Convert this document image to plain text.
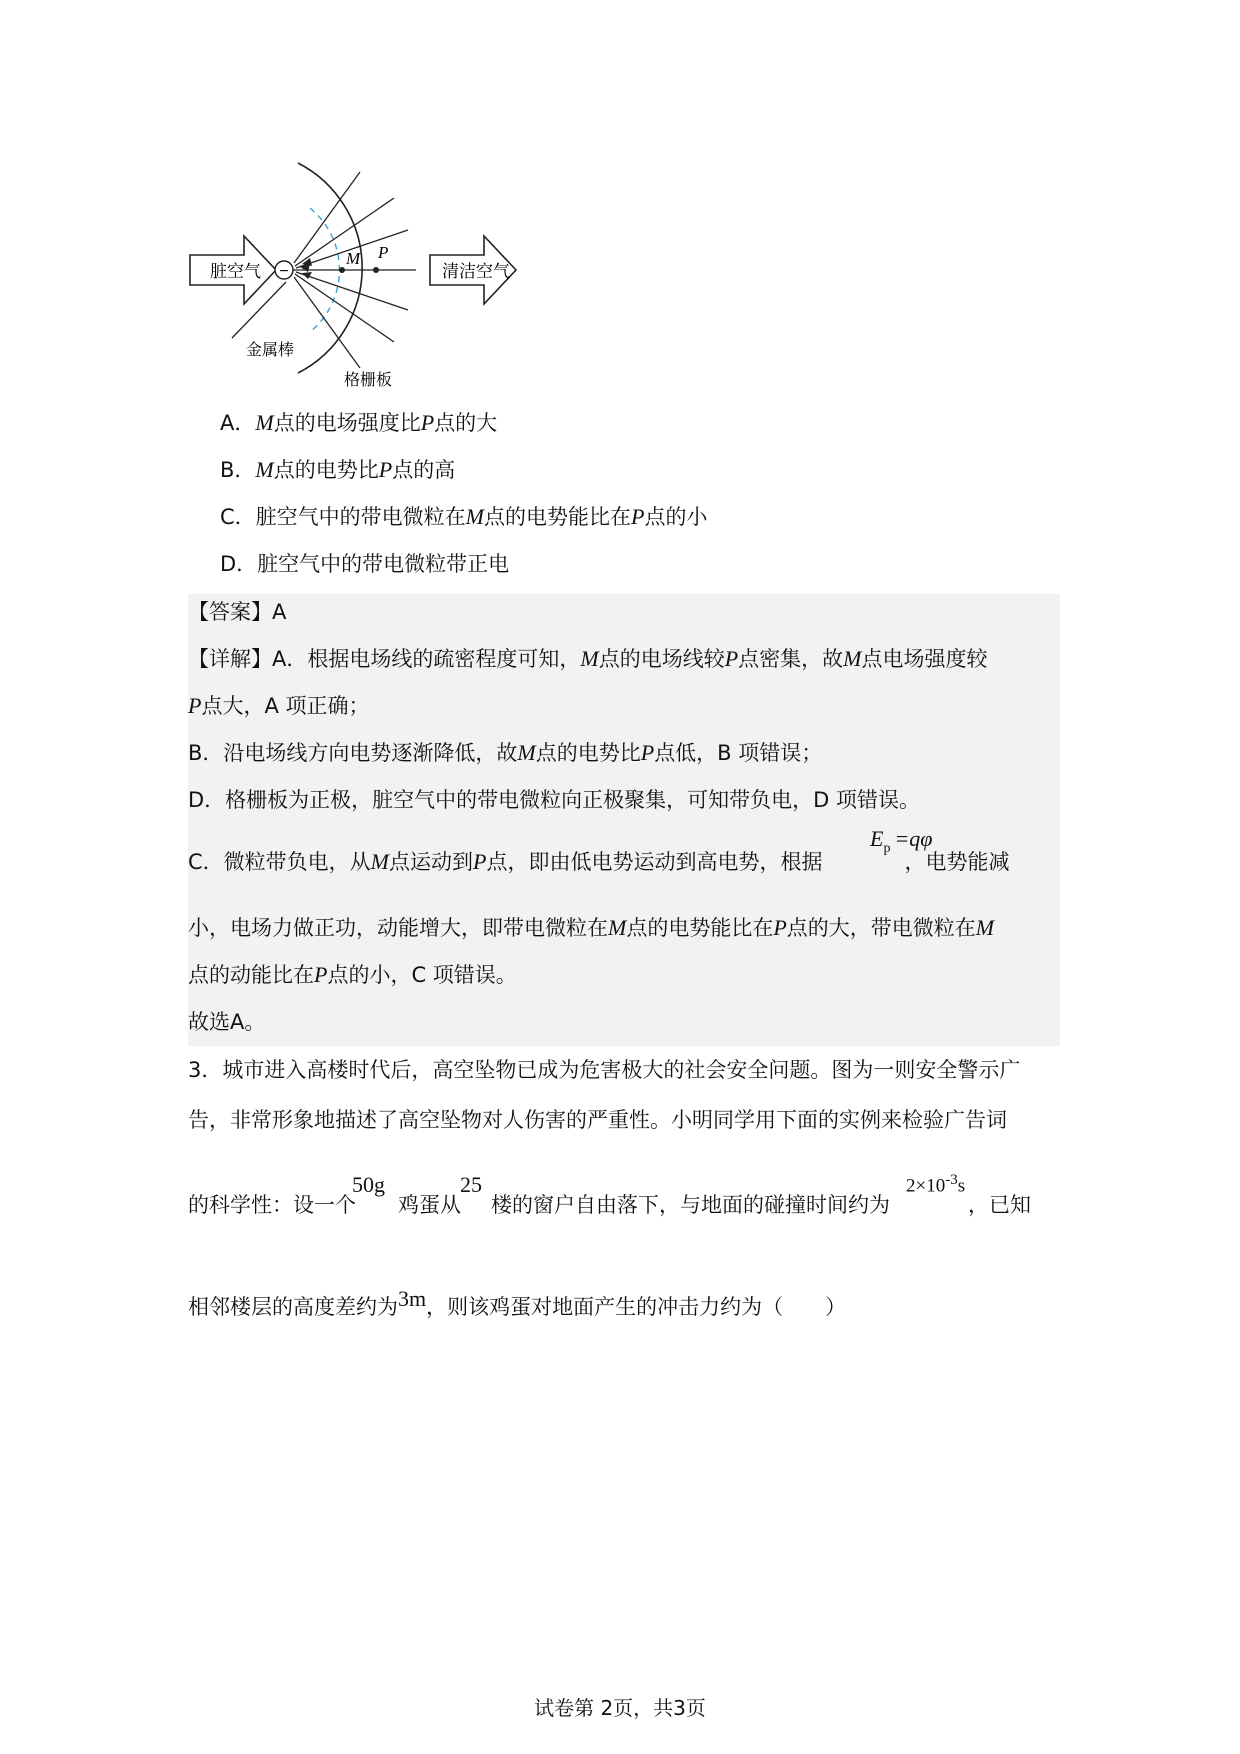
−
M P
脏空气	清洁空气
金属棒
格栅板
A．M点的电场强度比P点的大
B．M点的电势比P点的高
C．脏空气中的带电微粒在M点的电势能比在P点的小
D．脏空气中的带电微粒带正电
【答案】A
【详解】A．根据电场线的疏密程度可知，M点的电场线较P点密集，故M点电场强度较
P点大，A 项正确；
B．沿电场线方向电势逐渐降低，故M点的电势比P点低，B 项错误；
D．格栅板为正极，脏空气中的带电微粒向正极聚集，可知带负电，D 项错误。
C．微粒带负电，从M点运动到P点，即由低电势运动到高电势，根据	，电势能减
$E_p =q\varphi$
小，电场力做正功，动能增大，即带电微粒在M点的电势能比在P点的大，带电微粒在M
点的动能比在P点的小，C 项错误。
故选A。
3．城市进入高楼时代后，高空坠物已成为危害极大的社会安全问题。图为一则安全警示广
告，非常形象地描述了高空坠物对人伤害的严重性。小明同学用下面的实例来检验广告词
的科学性：设一个 鸡蛋从 楼的窗户自由落下，与地面的碰撞时间约为	，已知
50g	25	$2\times 10^{-3}s$
相邻楼层的高度差约为3m，则该鸡蛋对地面产生的冲击力约为（　　）
试卷第 2页，共3页
